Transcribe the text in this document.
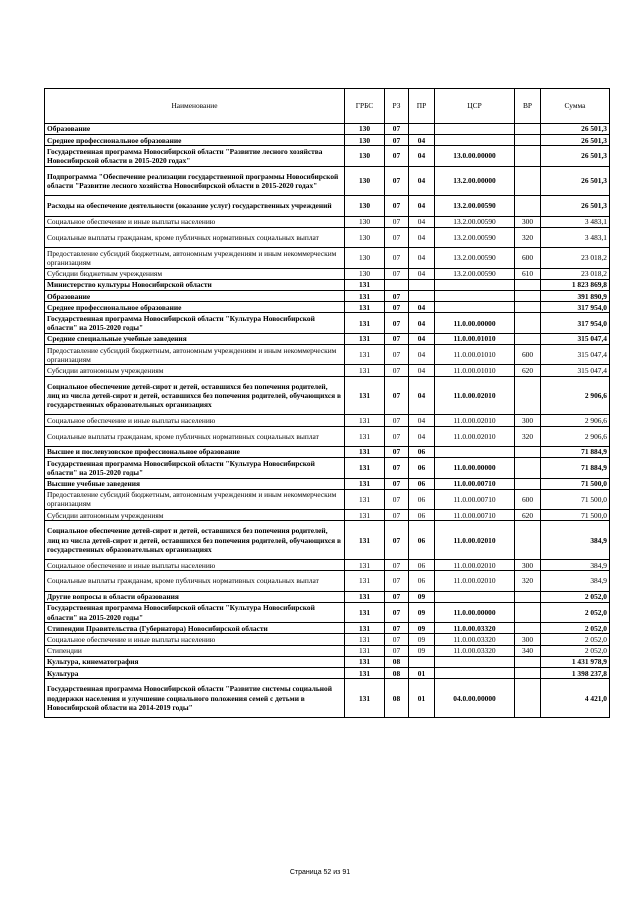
Наименование	ГРБС	РЗ	ПР	ЦСР	ВР	Сумма
Образование	130	07				26 501,3
Среднее профессиональное образование	130	07	04			26 501,3
Государственная программа Новосибирской области "Развитие лесного хозяйства Новосибирской области в 2015-2020 годах"	130	07	04	13.0.00.00000		26 501,3
Подпрограмма "Обеспечение реализации государственной программы Новосибирской области "Развитие лесного хозяйства Новосибирской области в 2015-2020 годах"	130	07	04	13.2.00.00000		26 501,3
Расходы на обеспечение деятельности (оказание услуг) государственных учреждений	130	07	04	13.2.00.00590		26 501,3
Социальное обеспечение и иные выплаты населению	130	07	04	13.2.00.00590	300	3 483,1
Социальные выплаты гражданам, кроме публичных нормативных социальных выплат	130	07	04	13.2.00.00590	320	3 483,1
Предоставление субсидий бюджетным, автономным учреждениям и иным некоммерческим организациям	130	07	04	13.2.00.00590	600	23 018,2
Субсидии бюджетным учреждениям	130	07	04	13.2.00.00590	610	23 018,2
Министерство культуры Новосибирской области	131					1 823 869,8
Образование	131	07				391 890,9
Среднее профессиональное образование	131	07	04			317 954,0
Государственная программа Новосибирской области "Культура Новосибирской области" на 2015-2020 годы"	131	07	04	11.0.00.00000		317 954,0
Средние специальные учебные заведения	131	07	04	11.0.00.01010		315 047,4
Предоставление субсидий бюджетным, автономным учреждениям и иным некоммерческим организациям	131	07	04	11.0.00.01010	600	315 047,4
Субсидии автономным учреждениям	131	07	04	11.0.00.01010	620	315 047,4
Социальное обеспечение детей-сирот и детей, оставшихся без попечения родителей, лиц из числа детей-сирот и детей, оставшихся без попечения родителей, обучающихся в государственных образовательных организациях	131	07	04	11.0.00.02010		2 906,6
Социальное обеспечение и иные выплаты населению	131	07	04	11.0.00.02010	300	2 906,6
Социальные выплаты гражданам, кроме публичных нормативных социальных выплат	131	07	04	11.0.00.02010	320	2 906,6
Высшее и послевузовское профессиональное образование	131	07	06			71 884,9
Государственная программа Новосибирской области "Культура Новосибирской области" на 2015-2020 годы"	131	07	06	11.0.00.00000		71 884,9
Высшие учебные заведения	131	07	06	11.0.00.00710		71 500,0
Предоставление субсидий бюджетным, автономным учреждениям и иным некоммерческим организациям	131	07	06	11.0.00.00710	600	71 500,0
Субсидии автономным учреждениям	131	07	06	11.0.00.00710	620	71 500,0
Социальное обеспечение детей-сирот и детей, оставшихся без попечения родителей, лиц из числа детей-сирот и детей, оставшихся без попечения родителей, обучающихся в государственных образовательных организациях	131	07	06	11.0.00.02010		384,9
Социальное обеспечение и иные выплаты населению	131	07	06	11.0.00.02010	300	384,9
Социальные выплаты гражданам, кроме публичных нормативных социальных выплат	131	07	06	11.0.00.02010	320	384,9
Другие вопросы в области образования	131	07	09			2 052,0
Государственная программа Новосибирской области "Культура Новосибирской области" на 2015-2020 годы"	131	07	09	11.0.00.00000		2 052,0
Стипендии Правительства (Губернатора) Новосибирской области	131	07	09	11.0.00.03320		2 052,0
Социальное обеспечение и иные выплаты населению	131	07	09	11.0.00.03320	300	2 052,0
Стипендии	131	07	09	11.0.00.03320	340	2 052,0
Культура, кинематография	131	08				1 431 978,9
Культура	131	08	01			1 398 237,8
Государственная программа Новосибирской области "Развитие системы социальной поддержки населения и улучшение социального положения семей с детьми в Новосибирской области на 2014-2019 годы"	131	08	01	04.0.00.00000		4 421,0
Страница 52 из 91
